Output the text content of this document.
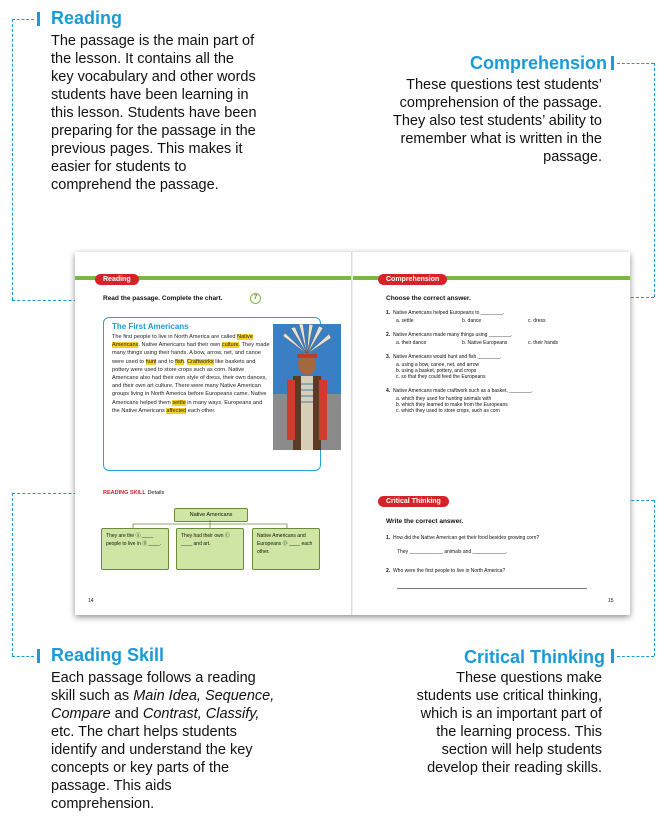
Reading
The passage is the main part of the lesson. It contains all the key vocabulary and other words students have been learning in this lesson. Students have been preparing for the passage in the previous pages. This makes it easier for students to comprehend the passage.
Comprehension
These questions test students’ comprehension of the passage. They also test students’ ability to remember what is written in the passage.
Reading Skill
Each passage follows a reading skill such as Main Idea, Sequence, Compare and Contrast, Classify, etc. The chart helps students identify and understand the key concepts or key parts of the passage. This aids comprehension.
Critical Thinking
These questions make students use critical thinking, which is an important part of the learning process. This section will help students develop their reading skills.
Reading
Read the passage. Complete the chart.	7
The First Americans
The first people to live in North America are called Native Americans. Native Americans had their own culture. They made many things using their hands. A bow, arrow, net, and canoe were used to hunt and to fish. Craftworks like baskets and pottery were used to store crops such as corn. Native Americans also had their own style of dress, their own dances, and their own art culture. There were many Native American groups living in North America before Europeans came. Native Americans helped them settle in many ways. Europeans and the Native Americans affected each other.
READING SKILL Details
Native Americans
They are the Ⓐ ____ people to live in Ⓑ ____.
They had their own Ⓒ ____ and art.
Native Americans and Europeans Ⓓ ____ each other.
14
Comprehension
Choose the correct answer.
1.  Native Americans helped Europeans to ________.
a. settle	b. dance	c. dress
2.  Native Americans made many things using ________.
a. their dance	b. Native Europeans	c. their hands
3.  Native Americans would hunt and fish ________.
a. using a bow, canoe, net, and arrow
b. using a basket, pottery, and crops
c. so that they could feed the Europeans
4.  Native Americans made craftwork such as a basket, ________.
a. which they used for hunting animals with
b. which they learned to make from the Europeans
c. which they used to store crops, such as corn
Critical Thinking
Write the correct answer.
1. How did the Native American get their food besides growing corn?
They ____________ animals and ____________.
2. Who were the first people to live in North America?
15
